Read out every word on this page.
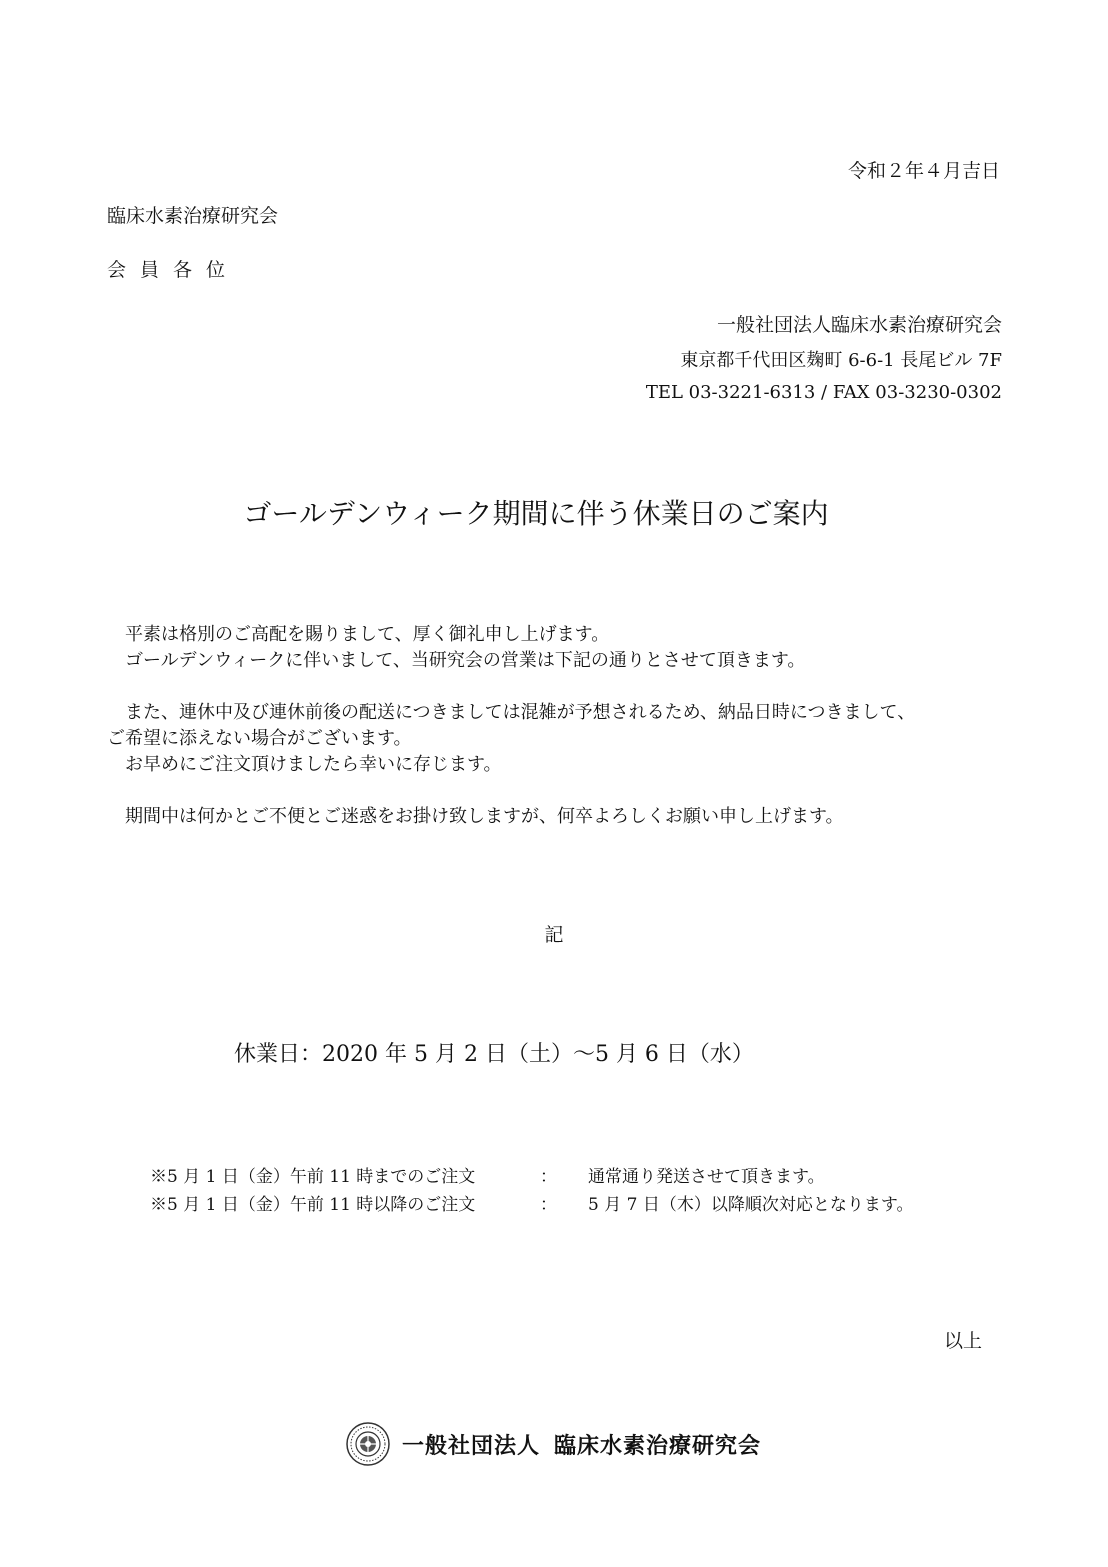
令和２年４月吉日
臨床水素治療研究会
会員各位
一般社団法人臨床水素治療研究会
東京都千代田区麹町 6-6-1 長尾ビル 7F
TEL 03-3221-6313 / FAX 03-3230-0302
ゴールデンウィーク期間に伴う休業日のご案内

　平素は格別のご高配を賜りまして、厚く御礼申し上げます。

　ゴールデンウィークに伴いまして、当研究会の営業は下記の通りとさせて頂きます。

　また、連休中及び連休前後の配送につきましては混雑が予想されるため、納品日時につきまして、

ご希望に添えない場合がございます。

　お早めにご注文頂けましたら幸いに存じます。

　期間中は何かとご不便とご迷惑をお掛け致しますが、何卒よろしくお願い申し上げます。

記
休業日：2020 年 5 月 2 日（土）～5 月 6 日（水）
※5 月 1 日（金）午前 11 時までのご注文	：	通常通り発送させて頂きます。
※5 月 1 日（金）午前 11 時以降のご注文	：	5 月 7 日（木）以降順次対応となります。
以上
一般社団法人 臨床水素治療研究会
